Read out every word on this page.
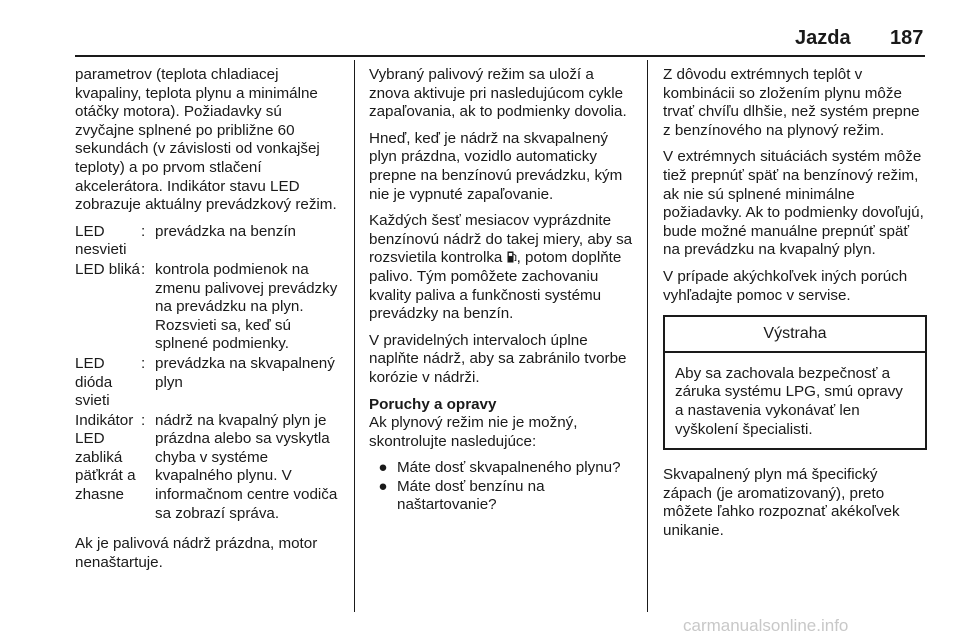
Jazda 187

parametrov (teplota chladiacej kvapaliny, teplota plynu a minimálne otáčky motora). Požiadavky sú zvyčajne splnené po približne 60 sekundách (v závislosti od vonkajšej teploty) a po prvom stlačení akcelerátora. Indikátor stavu LED zobrazuje aktuálny prevádzkový režim.

LED nesvieti
: prevádzka na benzín
LED bliká : kontrola podmienok na zmenu palivovej prevádzky na prevádzku na plyn. Rozsvieti sa, keď sú splnené podmienky.
LED dióda svieti
: prevádzka na skvapalnený plyn
Indikátor LED zabliká päťkrát a zhasne
: nádrž na kvapalný plyn je prázdna alebo sa vyskytla chyba v systéme kvapalného plynu. V informačnom centre vodiča sa zobrazí správa.

Ak je palivová nádrž prázdna, motor nenaštartuje.

Vybraný palivový režim sa uloží a znova aktivuje pri nasledujúcom cykle zapaľovania, ak to podmienky dovolia.

Hneď, keď je nádrž na skvapalnený plyn prázdna, vozidlo automaticky prepne na benzínovú prevádzku, kým nie je vypnuté zapaľovanie.

Každých šesť mesiacov vyprázdnite benzínovú nádrž do takej miery, aby sa rozsvietila kontrolka , potom doplňte palivo. Tým pomôžete zachovaniu kvality paliva a funkčnosti systému prevádzky na benzín.

V pravidelných intervaloch úplne naplňte nádrž, aby sa zabránilo tvorbe korózie v nádrži.

Poruchy a opravy

Ak plynový režim nie je možný, skontrolujte nasledujúce:

● Máte dosť skvapalneného plynu?
● Máte dosť benzínu na naštartovanie?

Z dôvodu extrémnych teplôt v kombinácii so zložením plynu môže trvať chvíľu dlhšie, než systém prepne z benzínového na plynový režim.

V extrémnych situáciách systém môže tiež prepnúť späť na benzínový režim, ak nie sú splnené minimálne požiadavky. Ak to podmienky dovoľujú, bude možné manuálne prepnúť späť na prevádzku na kvapalný plyn.

V prípade akýchkoľvek iných porúch vyhľadajte pomoc v servise.

Výstraha
Aby sa zachovala bezpečnosť a záruka systému LPG, smú opravy a nastavenia vykonávať len vyškolení špecialisti.

Skvapalnený plyn má špecifický zápach (je aromatizovaný), preto môžete ľahko rozpoznať akékoľvek unikanie.

carmanualsonline.info
